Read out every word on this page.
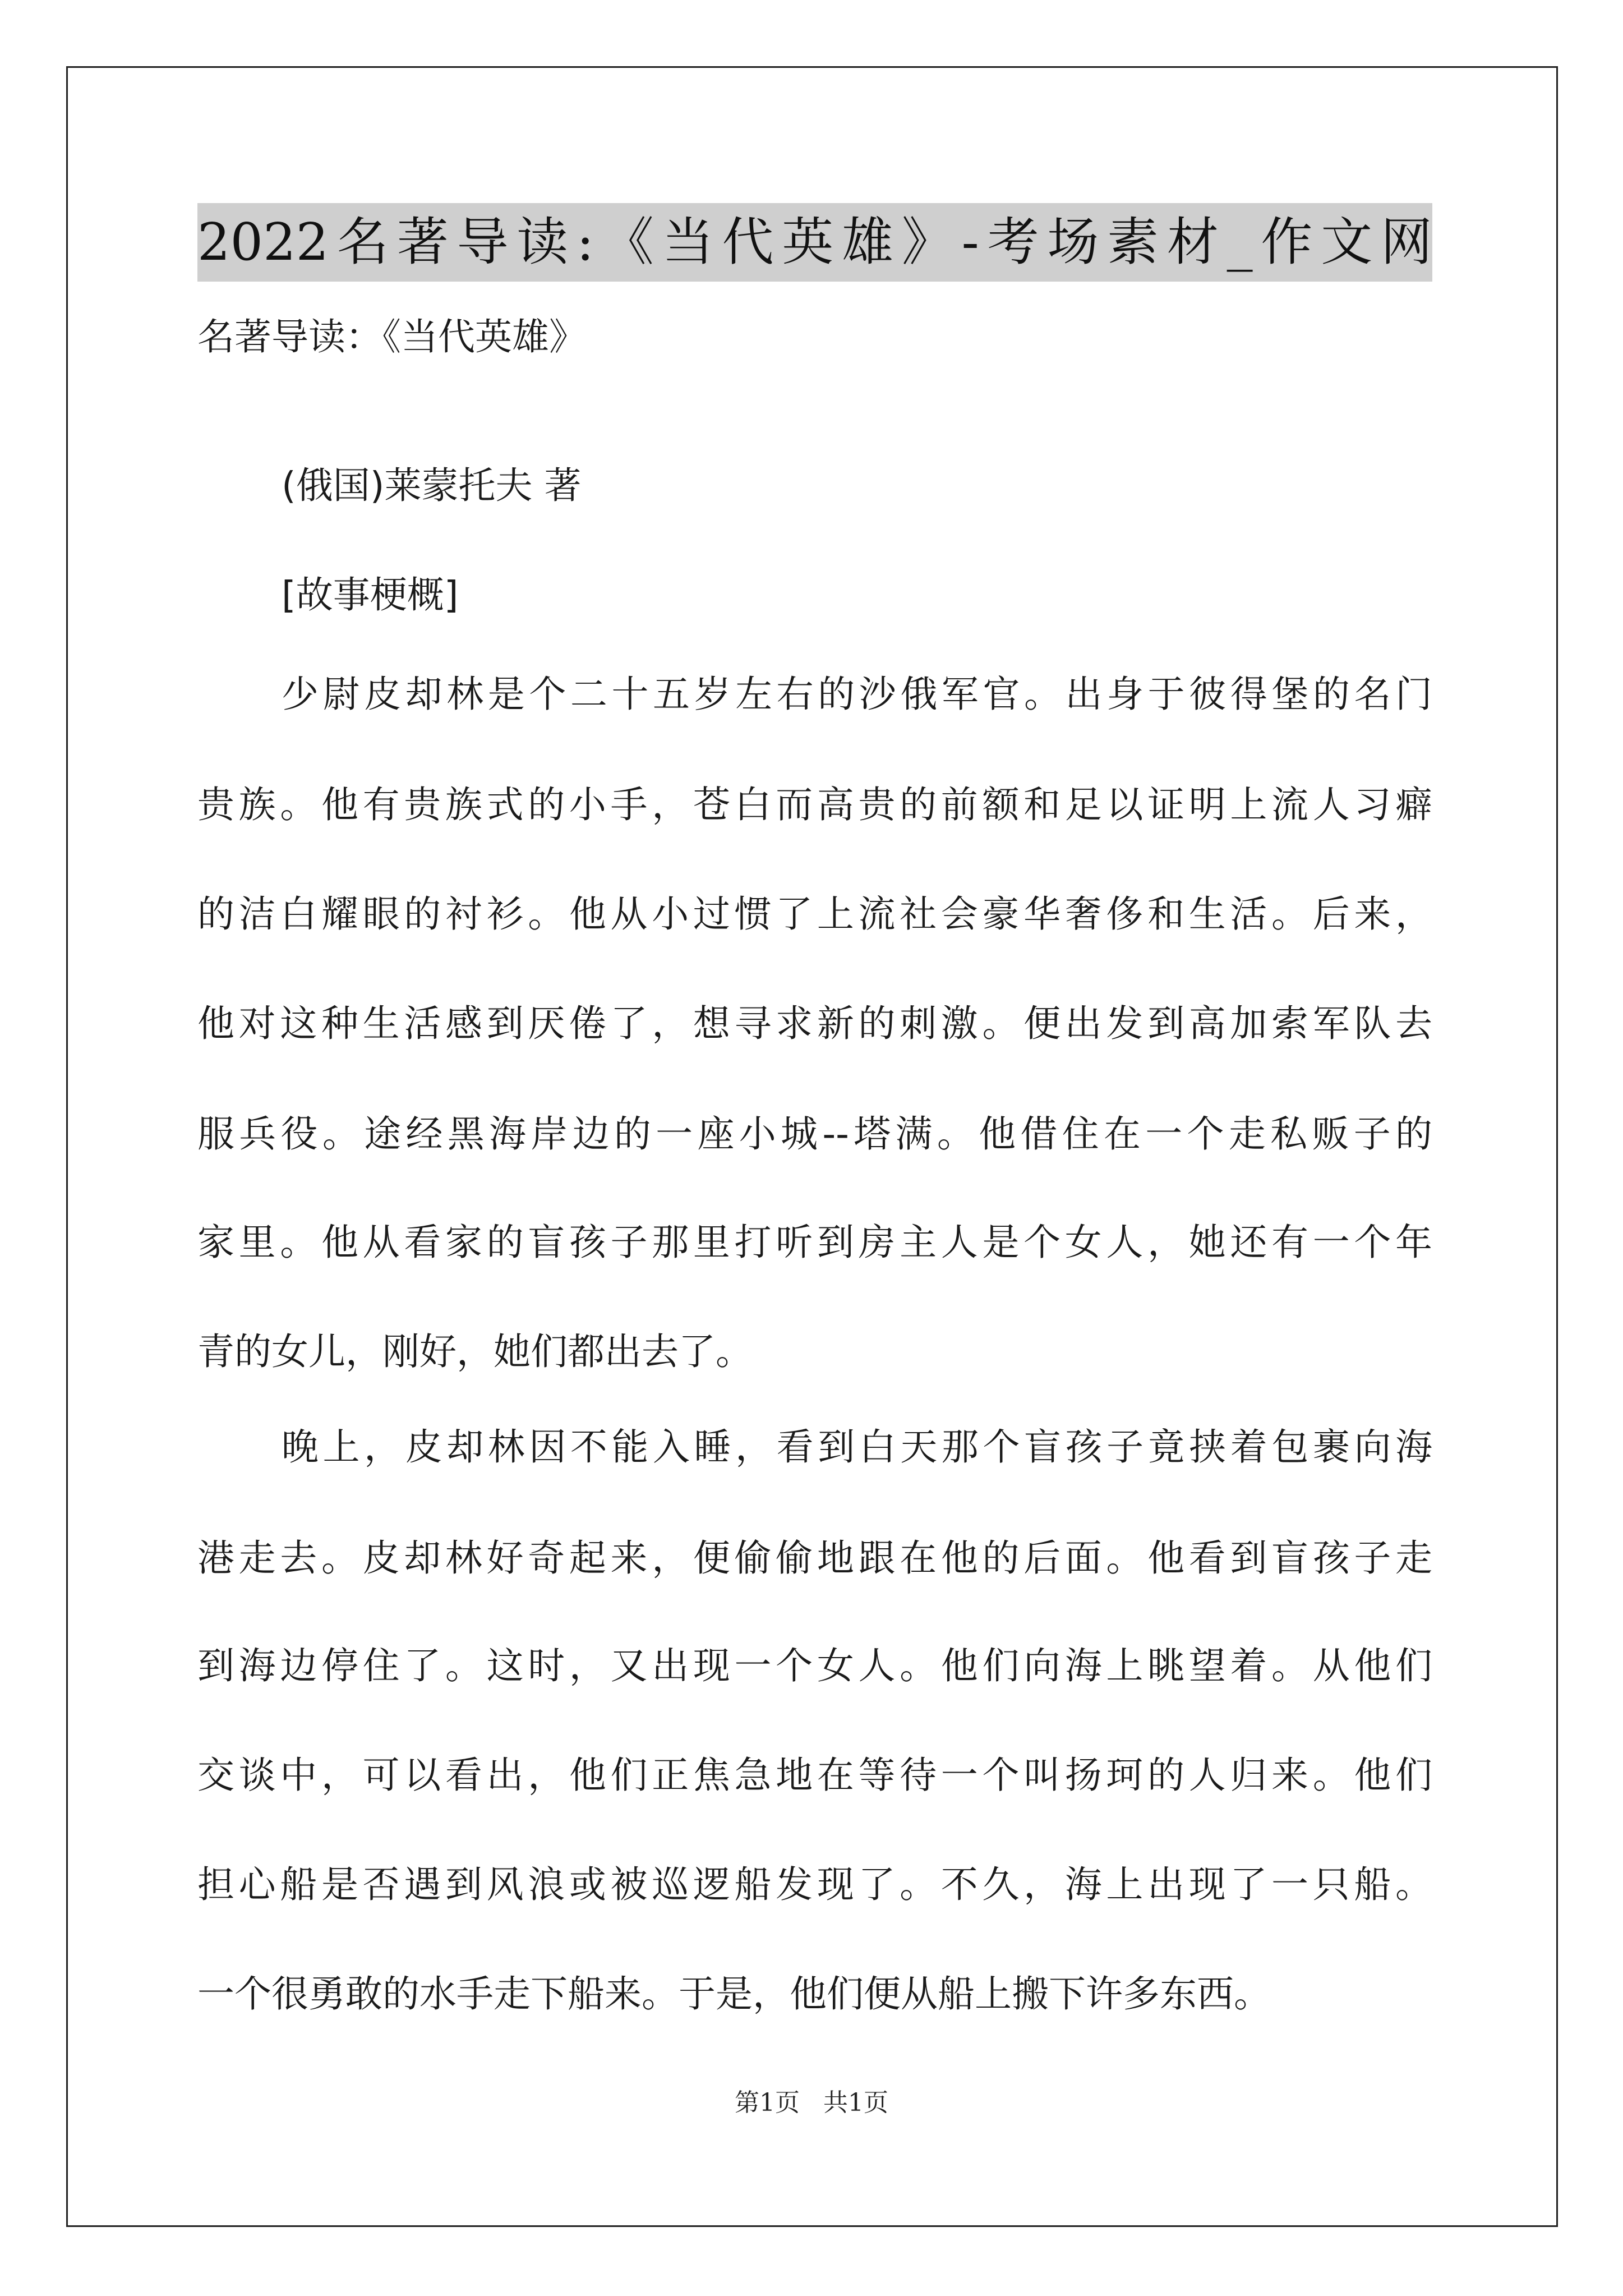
2022名著导读:《当代英雄》-考场素材_作文网

名著导读：《当代英雄》

(俄国)莱蒙托夫 著

[故事梗概]

少尉皮却林是个二十五岁左右的沙俄军官。出身于彼得堡的名门

贵族。他有贵族式的小手，苍白而高贵的前额和足以证明上流人习癖

的洁白耀眼的衬衫。他从小过惯了上流社会豪华奢侈和生活。后来，

他对这种生活感到厌倦了，想寻求新的刺激。便出发到高加索军队去

服兵役。途经黑海岸边的一座小城--塔满。他借住在一个走私贩子的

家里。他从看家的盲孩子那里打听到房主人是个女人，她还有一个年

青的女儿，刚好，她们都出去了。

晚上，皮却林因不能入睡，看到白天那个盲孩子竟挟着包裹向海

港走去。皮却林好奇起来，便偷偷地跟在他的后面。他看到盲孩子走

到海边停住了。这时，又出现一个女人。他们向海上眺望着。从他们

交谈中，可以看出，他们正焦急地在等待一个叫扬珂的人归来。他们

担心船是否遇到风浪或被巡逻船发现了。不久，海上出现了一只船。

一个很勇敢的水手走下船来。于是，他们便从船上搬下许多东西。

第1页   共1页
